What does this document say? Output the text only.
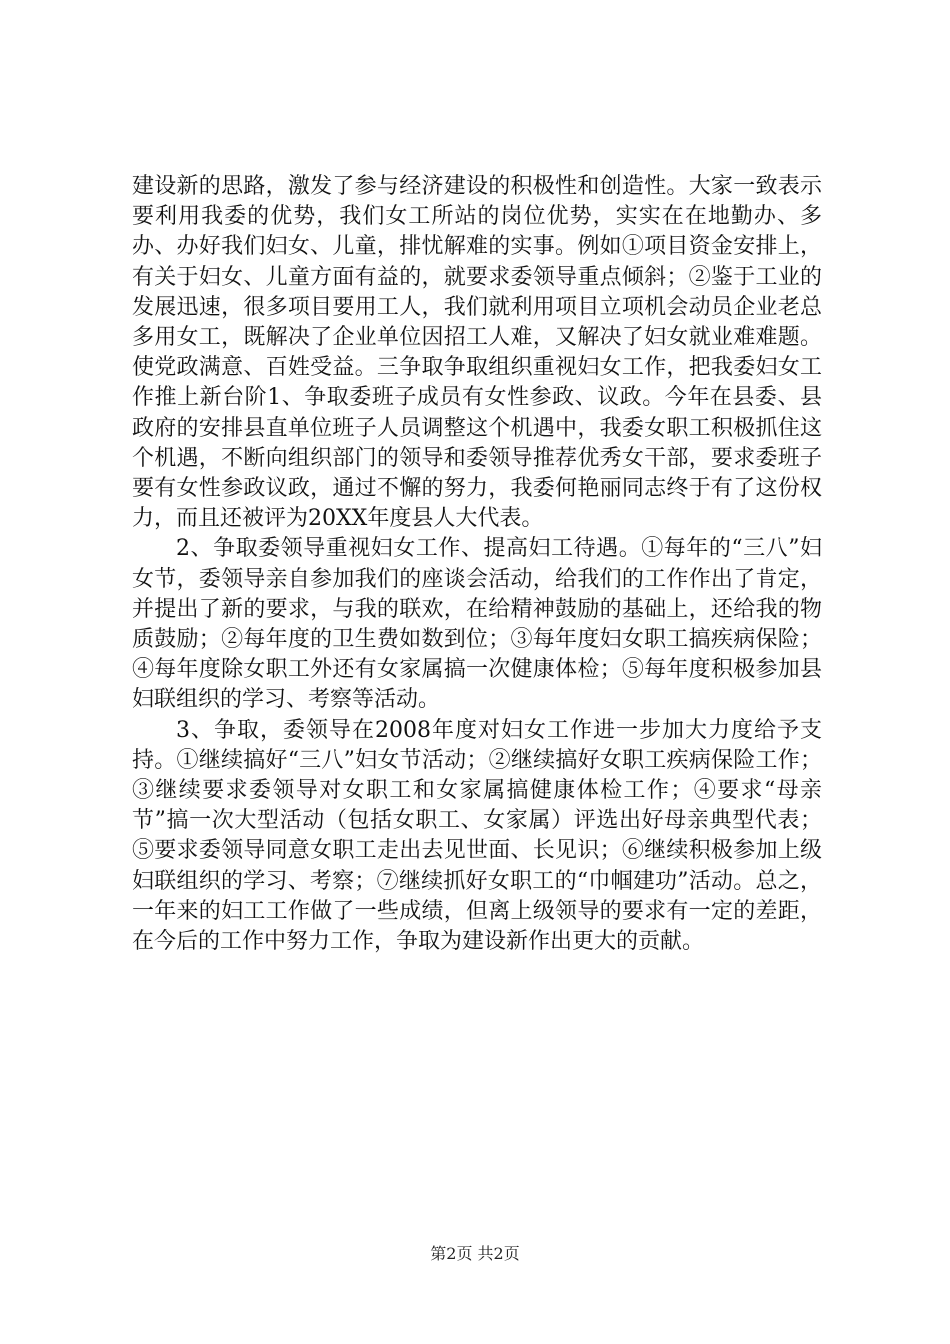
建设新的思路，激发了参与经济建设的积极性和创造性。大家一致表示要利用我委的优势，我们女工所站的岗位优势，实实在在地勤办、多办、办好我们妇女、儿童，排忧解难的实事。例如①项目资金安排上，有关于妇女、儿童方面有益的，就要求委领导重点倾斜；②鉴于工业的发展迅速，很多项目要用工人，我们就利用项目立项机会动员企业老总多用女工，既解决了企业单位因招工人难，又解决了妇女就业难难题。使党政满意、百姓受益。三争取争取组织重视妇女工作，把我委妇女工作推上新台阶1、争取委班子成员有女性参政、议政。今年在县委、县政府的安排县直单位班子人员调整这个机遇中，我委女职工积极抓住这个机遇，不断向组织部门的领导和委领导推荐优秀女干部，要求委班子要有女性参政议政，通过不懈的努力，我委何艳丽同志终于有了这份权力，而且还被评为20XX年度县人大代表。

2、争取委领导重视妇女工作、提高妇工待遇。①每年的“三八”妇女节，委领导亲自参加我们的座谈会活动，给我们的工作作出了肯定，并提出了新的要求，与我的联欢，在给精神鼓励的基础上，还给我的物质鼓励；②每年度的卫生费如数到位；③每年度妇女职工搞疾病保险；④每年度除女职工外还有女家属搞一次健康体检；⑤每年度积极参加县妇联组织的学习、考察等活动。

3、争取，委领导在2008年度对妇女工作进一步加大力度给予支持。①继续搞好“三八”妇女节活动；②继续搞好女职工疾病保险工作；③继续要求委领导对女职工和女家属搞健康体检工作；④要求“母亲节”搞一次大型活动（包括女职工、女家属）评选出好母亲典型代表；⑤要求委领导同意女职工走出去见世面、长见识；⑥继续积极参加上级妇联组织的学习、考察；⑦继续抓好女职工的“巾帼建功”活动。总之，一年来的妇工工作做了一些成绩，但离上级领导的要求有一定的差距，在今后的工作中努力工作，争取为建设新作出更大的贡献。

第2页 共2页
